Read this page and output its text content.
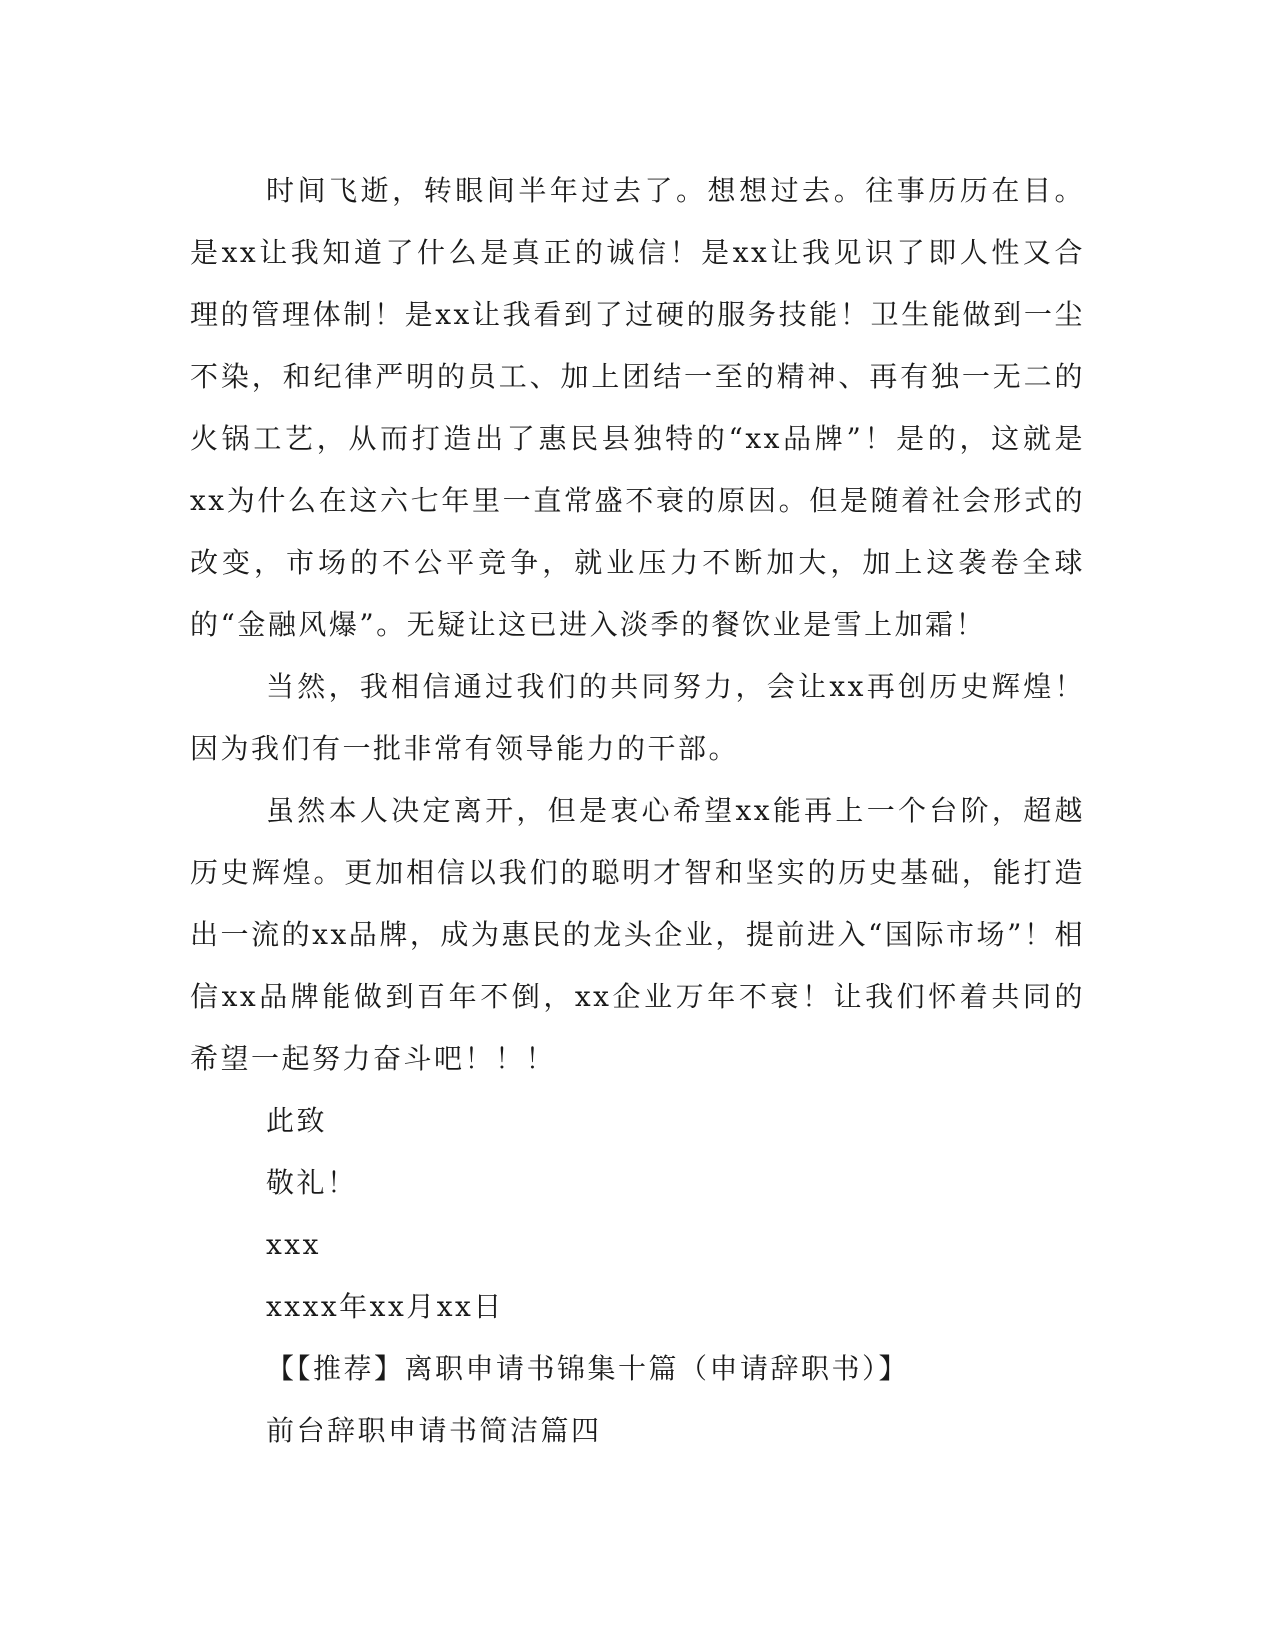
时间飞逝，转眼间半年过去了。想想过去。往事历历在目。是xx让我知道了什么是真正的诚信！是xx让我见识了即人性又合理的管理体制！是xx让我看到了过硬的服务技能！卫生能做到一尘不染，和纪律严明的员工、加上团结一至的精神、再有独一无二的火锅工艺，从而打造出了惠民县独特的“xx品牌”！是的，这就是xx为什么在这六七年里一直常盛不衰的原因。但是随着社会形式的改变，市场的不公平竞争，就业压力不断加大，加上这袭卷全球的“金融风爆”。无疑让这已进入淡季的餐饮业是雪上加霜！

当然，我相信通过我们的共同努力，会让xx再创历史辉煌！因为我们有一批非常有领导能力的干部。

虽然本人决定离开，但是衷心希望xx能再上一个台阶，超越历史辉煌。更加相信以我们的聪明才智和坚实的历史基础，能打造出一流的xx品牌，成为惠民的龙头企业，提前进入“国际市场”！相信xx品牌能做到百年不倒，xx企业万年不衰！让我们怀着共同的希望一起努力奋斗吧！！！

此致

敬礼！

xxx

xxxx年xx月xx日

【【推荐】离职申请书锦集十篇（申请辞职书）】

前台辞职申请书简洁篇四
